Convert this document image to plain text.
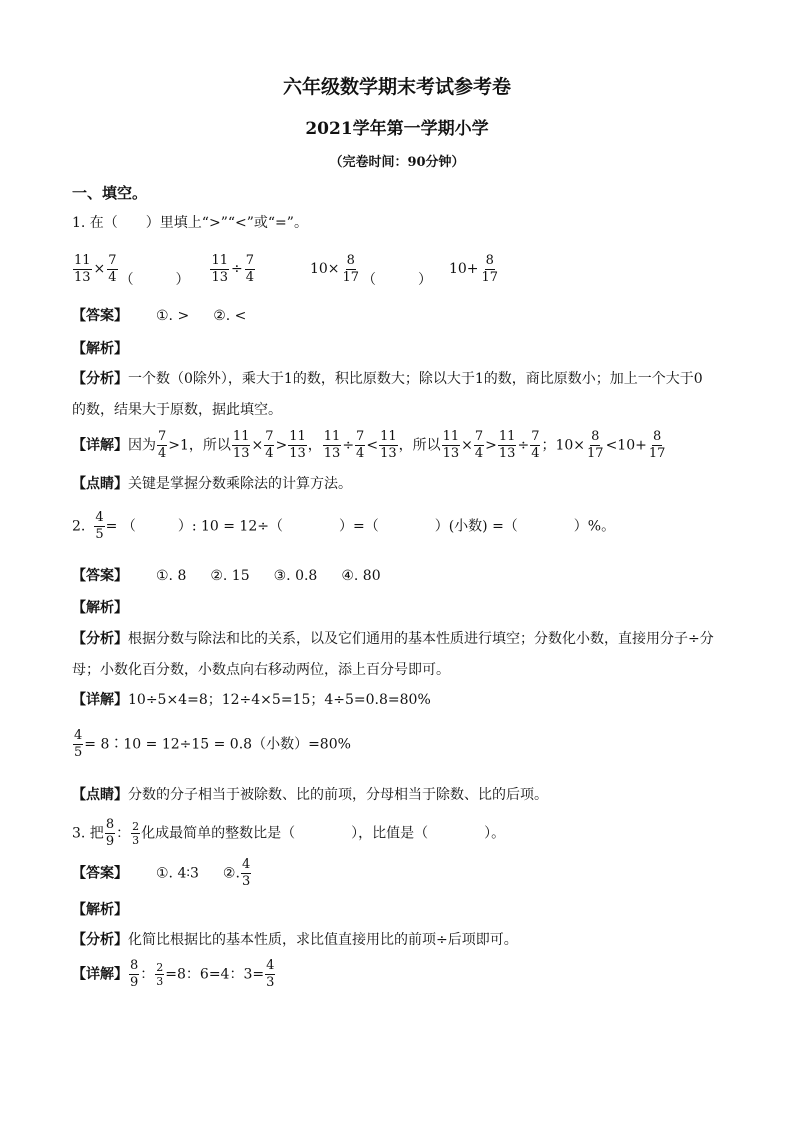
六年级数学期末考试参考卷
2021学年第一学期小学
（完卷时间：90分钟）
一、填空。
1. 在（　　）里填上“>”“<”或“=”。
$\frac{11}{13} \times \frac{7}{4}$ （　　　） $\frac{11}{13} \div \frac{7}{4}$	$10\times \frac{8}{17}$ （　　　）  $10+ \frac{8}{17}$
【答案】 ①. > ②. <
【解析】
【分析】一个数（0除外），乘大于1的数，积比原数大；除以大于1的数，商比原数小；加上一个大于0
的数，结果大于原数，据此填空。
【详解】因为 $\frac{7}{4} >1$，所以 $\frac{11}{13} \times \frac{7}{4} > \frac{11}{13}$ ， $\frac{11}{13} \div \frac{7}{4} < \frac{11}{13}$ ，所以 $\frac{11}{13} \times \frac{7}{4} > \frac{11}{13} \div \frac{7}{4}$ ；$10\times \frac{8}{17} <10+ \frac{8}{17}$
【点睛】关键是掌握分数乘除法的计算方法。
2. $\frac{4}{5}$ = （　　　）: 10 = 12÷（　　　　）=（　　　　）(小数) =（　　　　）%。
【答案】 ①. 8 ②. 15 ③. 0.8 ④. 80
【解析】
【分析】根据分数与除法和比的关系，以及它们通用的基本性质进行填空；分数化小数，直接用分子÷分
母；小数化百分数，小数点向右移动两位，添上百分号即可。
【详解】10÷5×4=8；12÷4×5=15；4÷5=0.8=80%
$\frac{4}{5}$ = 8∶10 = 12÷15 = 0.8（小数）=80%
【点睛】分数的分子相当于被除数、比的前项，分母相当于除数、比的后项。
3. 把 $\frac{8}{9}$ ： $\frac{2}{3}$ 化成最简单的整数比是（　　　　），比值是（　　　　）。
【答案】 ①. 4∶3 ②. $\frac{4}{3}$
【解析】
【分析】化简比根据比的基本性质，求比值直接用比的前项÷后项即可。
【详解】 $\frac{8}{9}$ ： $\frac{2}{3} =8$：6=4：$3= \frac{4}{3}$
